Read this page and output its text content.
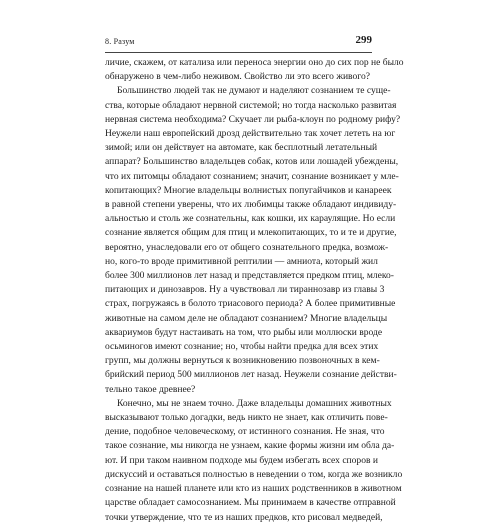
8. Разум	299
личие, скажем, от катализа или переноса энергии оно до сих пор не было
обнаружено в чем-либо неживом. Свойство ли это всего живого?
Большинство людей так не думают и наделяют сознанием те суще-
ства, которые обладают нервной системой; но тогда насколько развитая
нервная система необходима? Скучает ли рыба-клоун по родному рифу?
Неужели наш европейский дрозд действительно так хочет лететь на юг
зимой; или он действует на автомате, как бесплотный летательный
аппарат? Большинство владельцев собак, котов или лошадей убеждены,
что их питомцы обладают сознанием; значит, сознание возникает у мле-
копитающих? Многие владельцы волнистых попугайчиков и канареек
в равной степени уверены, что их любимцы также обладают индивиду-
альностью и столь же сознательны, как кошки, их караулящие. Но если
сознание является общим для птиц и млекопитающих, то и те и другие,
вероятно, унаследовали его от общего сознательного предка, возмож-
но, кого-то вроде примитивной рептилии — амниота, который жил
более 300 миллионов лет назад и представляется предком птиц, млеко-
питающих и динозавров. Ну а чувствовал ли тираннозавр из главы 3
страх, погружаясь в болото триасового периода? А более примитивные
животные на самом деле не обладают сознанием? Многие владельцы
аквариумов будут настаивать на том, что рыбы или моллюски вроде
осьминогов имеют сознание; но, чтобы найти предка для всех этих
групп, мы должны вернуться к возникновению позвоночных в кем-
брийский период 500 миллионов лет назад. Неужели сознание действи-
тельно такое древнее?
Конечно, мы не знаем точно. Даже владельцы домашних животных
высказывают только догадки, ведь никто не знает, как отличить пове-
дение, подобное человеческому, от истинного сознания. Не зная, что
такое сознание, мы никогда не узнаем, какие формы жизни им обла да-
ют. И при таком наивном подходе мы будем избегать всех споров и
дискуссий и оставаться полностью в неведении о том, когда же возникло
сознание на нашей планете или кто из наших родственников в животном
царстве обладает самосознанием. Мы принимаем в качестве отправной
точки утверждение, что те из наших предков, кто рисовал медведей,
